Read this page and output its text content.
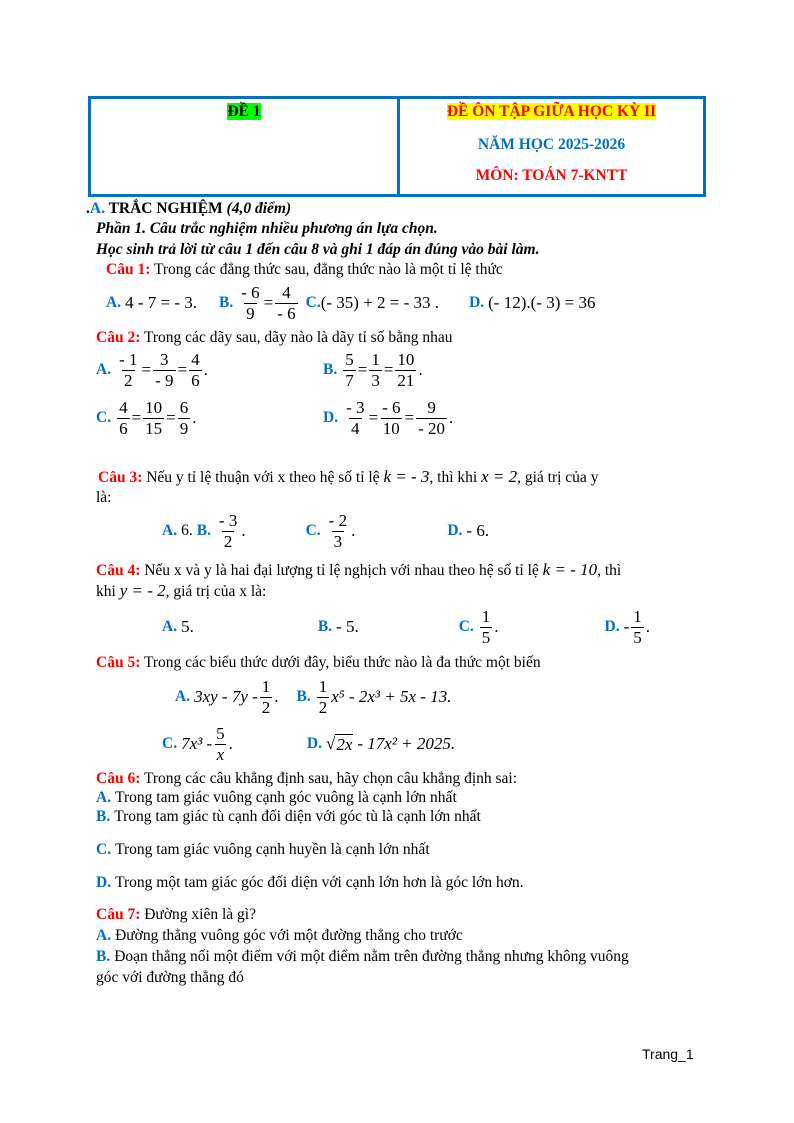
ĐỀ 1	ĐỀ ÔN TẬP GIỮA HỌC KỲ II
NĂM HỌC 2025-2026
MÔN: TOÁN 7-KNTT
.A. TRẮC NGHIỆM (4,0 điểm)
Phần 1. Câu trắc nghiệm nhiều phương án lựa chọn.
Học sinh trả lời từ câu 1 đến câu 8 và ghi 1 đáp án đúng vào bài làm.
Câu 1: Trong các đẳng thức sau, đẳng thức nào là một tỉ lệ thức
A. 4 - 7 = - 3. B. $\frac{- 6}{9} = \frac{4}{- 6} C$. (- 35) + 2 = - 33 . D. (- 12).(- 3) = 36
Câu 2: Trong các dãy sau, dãy nào là dãy tỉ số bằng nhau
A. $\frac{- 1}{2} = \frac{3}{- 9} = \frac{4}{6}$ .	B. $\frac{5}{7} = \frac{1}{3} = \frac{10}{21}$ .
C. $\frac{4}{6} = \frac{10}{15} = \frac{6}{9}$ .	D. $\frac{- 3}{4} = \frac{- 6}{10} = \frac{9}{- 20}$ .
Câu 3: Nếu y tỉ lệ thuận với x theo hệ số tỉ lệ k = - 3, thì khi x = 2, giá trị của y
là:
A. 6. B. $\frac{- 3}{2}$ .	C. $\frac{- 2}{3}$ .	D. - 6.
Câu 4: Nếu x và y là hai đại lượng tỉ lệ nghịch với nhau theo hệ số tỉ lệ k = - 10, thì
khi y = - 2, giá trị của x là:
A. 5.	B. - 5.	C. $\frac{1}{5}$ .	D. - $\frac{1}{5}$ .
Câu 5: Trong các biểu thức dưới đây, biểu thức nào là đa thức một biến
A. $3xy - 7y - \frac{1}{2}$ . B. $\frac{1}{2} x^5 - 2x^3 + 5x - 13$.
C. $7x^3 - \frac{5}{x}$ .	D. √ 2x - 17x² + 2025.
Câu 6: Trong các câu khẳng định sau, hãy chọn câu khẳng định sai:
A. Trong tam giác vuông cạnh góc vuông là cạnh lớn nhất
B. Trong tam giác tù cạnh đối diện với góc tù là cạnh lớn nhất
C. Trong tam giác vuông cạnh huyền là cạnh lớn nhất
D. Trong một tam giác góc đối diện với cạnh lớn hơn là góc lớn hơn.
Câu 7: Đường xiên là gì?
A. Đường thẳng vuông góc với một đường thẳng cho trước
B. Đoạn thẳng nối một điểm với một điểm nằm trên đường thẳng nhưng không vuông
góc với đường thẳng đó
Trang_1
